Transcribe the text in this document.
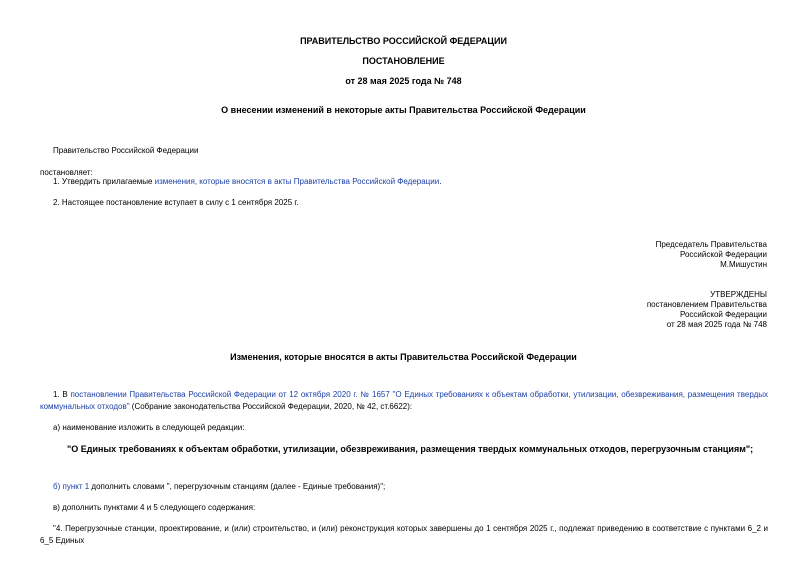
ПРАВИТЕЛЬСТВО РОССИЙСКОЙ ФЕДЕРАЦИИ
ПОСТАНОВЛЕНИЕ
от 28 мая 2025 года № 748
О внесении изменений в некоторые акты Правительства Российской Федерации
Правительство Российской Федерации
постановляет:
1. Утвердить прилагаемые изменения, которые вносятся в акты Правительства Российской Федерации.
2. Настоящее постановление вступает в силу с 1 сентября 2025 г.
Председатель Правительства
Российской Федерации
М.Мишустин
УТВЕРЖДЕНЫ
постановлением Правительства
Российской Федерации
от 28 мая 2025 года № 748
Изменения, которые вносятся в акты Правительства Российской Федерации
1. В постановлении Правительства Российской Федерации от 12 октября 2020 г. № 1657 "О Единых требованиях к объектам обработки, утилизации, обезвреживания, размещения твердых коммунальных отходов" (Собрание законодательства Российской Федерации, 2020, № 42, ст.6622):
а) наименование изложить в следующей редакции:
"О Единых требованиях к объектам обработки, утилизации, обезвреживания, размещения твердых коммунальных отходов, перегрузочным станциям";
б) пункт 1 дополнить словами ", перегрузочным станциям (далее - Единые требования)";
в) дополнить пунктами 4 и 5 следующего содержания:
"4. Перегрузочные станции, проектирование, и (или) строительство, и (или) реконструкция которых завершены до 1 сентября 2025 г., подлежат приведению в соответствие с пунктами 6_2 и 6_5 Единых
